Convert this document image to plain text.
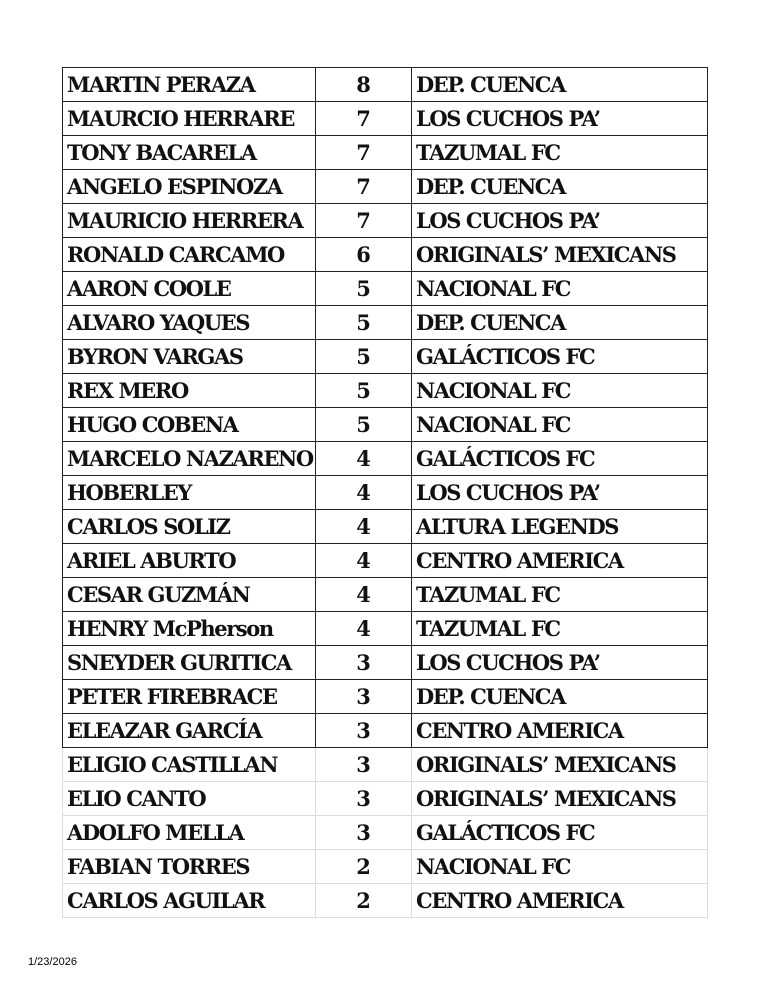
MARTIN PERAZA	8	DEP. CUENCA
MAURCIO HERRARE	7	LOS CUCHOS PA’
TONY BACARELA	7	TAZUMAL FC
ANGELO ESPINOZA	7	DEP. CUENCA
MAURICIO HERRERA	7	LOS CUCHOS PA’
RONALD CARCAMO	6	ORIGINALS’ MEXICANS
AARON COOLE	5	NACIONAL FC
ALVARO YAQUES	5	DEP. CUENCA
BYRON VARGAS	5	GALÁCTICOS FC
REX MERO	5	NACIONAL FC
HUGO COBENA	5	NACIONAL FC
MARCELO NAZARENO	4	GALÁCTICOS FC
HOBERLEY	4	LOS CUCHOS PA’
CARLOS SOLIZ	4	ALTURA LEGENDS
ARIEL ABURTO	4	CENTRO AMERICA
CESAR GUZMÁN	4	TAZUMAL FC
HENRY McPherson	4	TAZUMAL FC
SNEYDER GURITICA	3	LOS CUCHOS PA’
PETER FIREBRACE	3	DEP. CUENCA
ELEAZAR GARCÍA	3	CENTRO AMERICA
ELIGIO CASTILLAN	3	ORIGINALS’ MEXICANS
ELIO CANTO	3	ORIGINALS’ MEXICANS
ADOLFO MELLA	3	GALÁCTICOS FC
FABIAN TORRES	2	NACIONAL FC
CARLOS AGUILAR	2	CENTRO AMERICA
1/23/2026
